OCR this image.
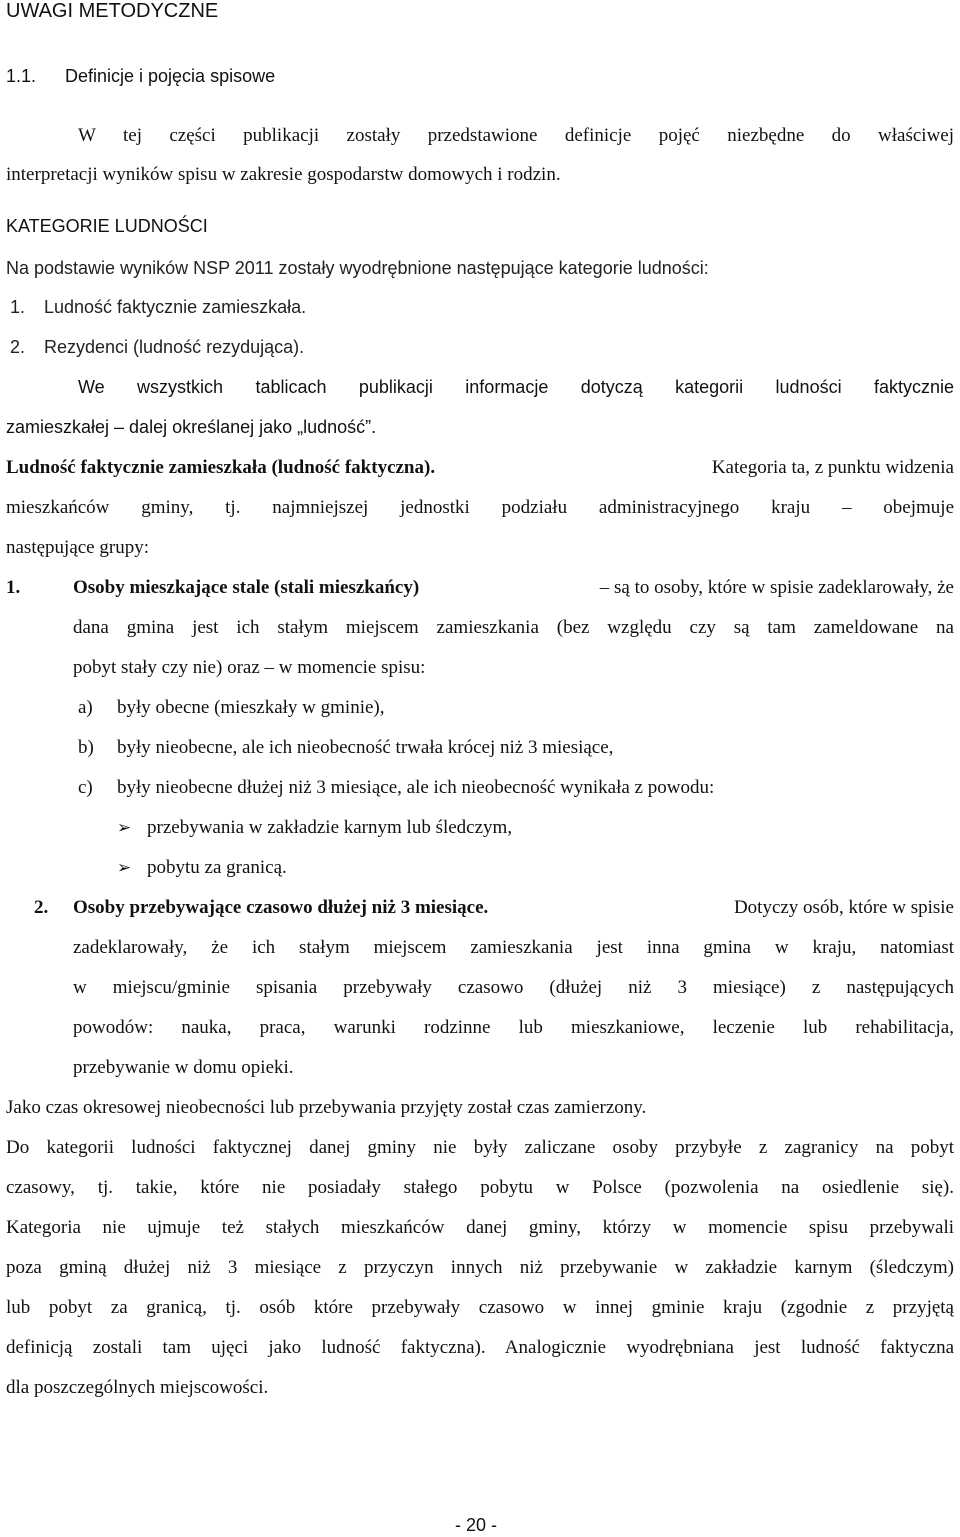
UWAGI METODYCZNE
1.1. Definicje i pojęcia spisowe
W tej części publikacji zostały przedstawione definicje pojęć niezbędne do właściwej
interpretacji wyników spisu w zakresie gospodarstw domowych i rodzin.
KATEGORIE LUDNOŚCI
Na podstawie wyników NSP 2011 zostały wyodrębnione następujące kategorie ludności:
1. Ludność faktycznie zamieszkała.
2. Rezydenci (ludność rezydująca).
We wszystkich tablicach publikacji informacje dotyczą kategorii ludności faktycznie
zamieszkałej – dalej określanej jako „ludność”.
Ludność faktycznie zamieszkała (ludność faktyczna).	Kategoria ta, z punktu widzenia
mieszkańców gminy, tj. najmniejszej jednostki podziału administracyjnego kraju – obejmuje
następujące grupy:
1.	Osoby mieszkające stale (stali mieszkańcy)	– są to osoby, które w spisie zadeklarowały, że
dana gmina jest ich stałym miejscem zamieszkania (bez względu czy są tam zameldowane na
pobyt stały czy nie) oraz – w momencie spisu:
a) były obecne (mieszkały w gminie),
b) były nieobecne, ale ich nieobecność trwała krócej niż 3 miesiące,
c) były nieobecne dłużej niż 3 miesiące, ale ich nieobecność wynikała z powodu:
➢ przebywania w zakładzie karnym lub śledczym,
➢ pobytu za granicą.
2. Osoby przebywające czasowo dłużej niż 3 miesiące.	Dotyczy osób, które w spisie
zadeklarowały, że ich stałym miejscem zamieszkania jest inna gmina w kraju, natomiast
w miejscu/gminie spisania przebywały czasowo (dłużej niż 3 miesiące) z następujących
powodów: nauka, praca, warunki rodzinne lub mieszkaniowe, leczenie lub rehabilitacja,
przebywanie w domu opieki.
Jako czas okresowej nieobecności lub przebywania przyjęty został czas zamierzony.
Do kategorii ludności faktycznej danej gminy nie były zaliczane osoby przybyłe z zagranicy na pobyt
czasowy, tj. takie, które nie posiadały stałego pobytu w Polsce (pozwolenia na osiedlenie się).
Kategoria nie ujmuje też stałych mieszkańców danej gminy, którzy w momencie spisu przebywali
poza gminą dłużej niż 3 miesiące z przyczyn innych niż przebywanie w zakładzie karnym (śledczym)
lub pobyt za granicą, tj. osób które przebywały czasowo w innej gminie kraju (zgodnie z przyjętą
definicją zostali tam ujęci jako ludność faktyczna). Analogicznie wyodrębniana jest ludność faktyczna
dla poszczególnych miejscowości.
- 20 -
